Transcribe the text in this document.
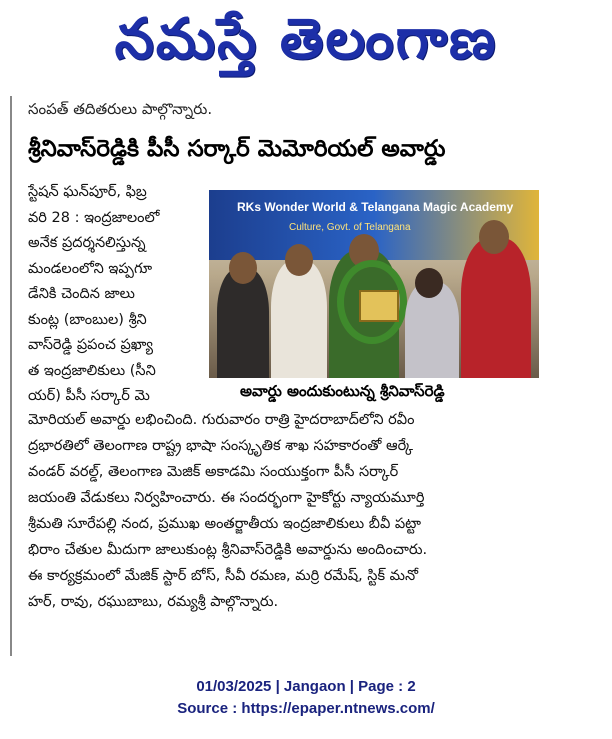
నమస్తే తెలంగాణ
సంపత్ తదితరులు పాల్గొన్నారు.
శ్రీనివాస్‌రెడ్డికి పీసీ సర్కార్ మెమోరియల్ అవార్డు
స్టేషన్ ఘన్‌పూర్, ఫిబ్ర
వరి 28 : ఇంద్రజాలంలో
అనేక ప్రదర్శనలిస్తున్న
మండలంలోని ఇప్పగూ
డేనికి చెందిన జాలు
కుంట్ల (బాంబుల) శ్రీని
వాస్‌రెడ్డి ప్రపంచ ప్రఖ్యా
త ఇంద్రజాలికులు (సీని
యర్) పీసీ సర్కార్ మె
RKs Wonder World & Telangana Magic Academy
Culture, Govt. of Telangana
అవార్డు అందుకుంటున్న శ్రీనివాస్‌రెడ్డి
మోరియల్ అవార్డు లభించింది. గురువారం రాత్రి హైదరాబాద్‌లోని రవీం
ద్రభారతిలో తెలంగాణ రాష్ట్ర భాషా సంస్కృతిక శాఖ సహకారంతో ఆర్కే
వండర్ వరల్డ్, తెలంగాణ మెజిక్ అకాడమి సంయుక్తంగా పీసీ సర్కార్
జయంతి వేడుకలు నిర్వహించారు. ఈ సందర్భంగా హైకోర్టు న్యాయమూర్తి
శ్రీమతి సూరేపల్లి నంద, ప్రముఖ అంతర్జాతీయ ఇంద్రజాలికులు బీవీ పట్టా
భిరాం చేతుల మీదుగా జాలుకుంట్ల శ్రీనివాస్‌రెడ్డికి అవార్డును అందించారు.
ఈ కార్యక్రమంలో మేజిక్ స్టార్ బోస్, సీవీ రమణ, మర్రి రమేష్, స్టిక్ మనో
హర్, రావు, రఘుబాబు, రమ్యశ్రీ పాల్గొన్నారు.
01/03/2025 | Jangaon | Page : 2
Source : https://epaper.ntnews.com/
